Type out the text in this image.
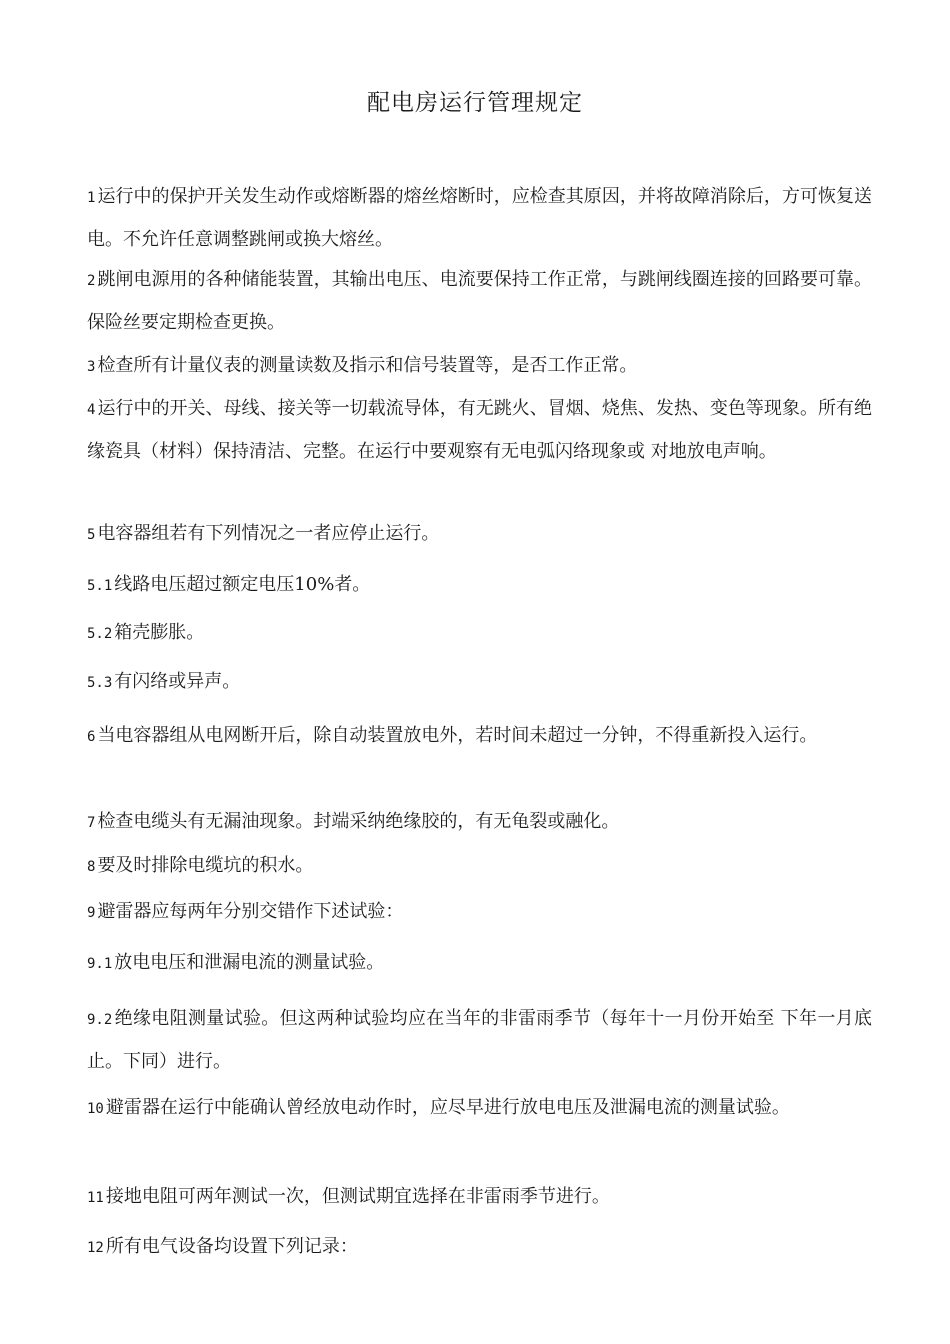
配电房运行管理规定
1 运行中的保护开关发生动作或熔断器的熔丝熔断时，应检查其原因，并将故障消除后，方可恢复送电。不允许任意调整跳闸或换大熔丝。
2 跳闸电源用的各种储能装置，其输出电压、电流要保持工作正常，与跳闸线圈连接的回路要可靠。保险丝要定期检查更换。
3 检查所有计量仪表的测量读数及指示和信号装置等，是否工作正常。
4 运行中的开关、母线、接关等一切载流导体，有无跳火、冒烟、烧焦、发热、变色等现象。所有绝缘瓷具（材料）保持清洁、完整。在运行中要观察有无电弧闪络现象或 对地放电声响。
5 电容器组若有下列情况之一者应停止运行。
5.1 线路电压超过额定电压10%者。
5.2 箱壳膨胀。
5.3 有闪络或异声。
6 当电容器组从电网断开后，除自动装置放电外，若时间未超过一分钟，不得重新投入运行。
7 检查电缆头有无漏油现象。封端采纳绝缘胶的，有无龟裂或融化。
8 要及时排除电缆坑的积水。
9 避雷器应每两年分别交错作下述试验：
9.1 放电电压和泄漏电流的测量试验。
9.2 绝缘电阻测量试验。但这两种试验均应在当年的非雷雨季节（每年十一月份开始至 下年一月底止。下同）进行。
10 避雷器在运行中能确认曾经放电动作时，应尽早进行放电电压及泄漏电流的测量试验。
11 接地电阻可两年测试一次，但测试期宜选择在非雷雨季节进行。
12 所有电气设备均设置下列记录：
